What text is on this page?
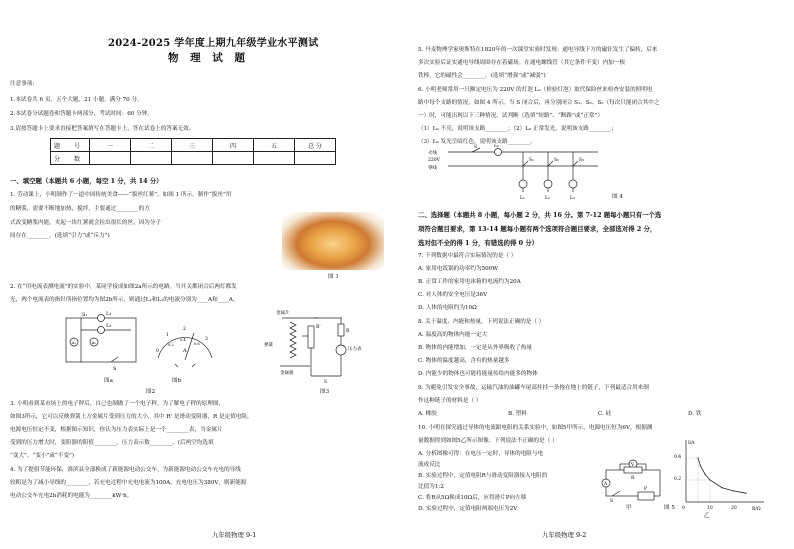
2024-2025 学年度上期九年级学业水平测试
物 理 试 题
注意事项:
1.本试卷共 6 页，五个大题，21 小题，满分 70 分。
2.本试卷分试题卷和答题卡两部分，考试时间：60 分钟。
3.请按答题卡上要求直接把答案填写在答题卡上，答在试卷上的答案无效。
题 号	一	二	三	四	五	总 分
分 数						
一、填空题（本题共 6 小题，每空 1 分，共 14 分）
1. 劳动课上，小明制作了一道中国传统美食——“拔丝红薯”，如图 1 所示，制作“拔丝”用
的糖浆，需要不断地加热，搅拌，主要通过________的方
式改变糖浆内能，夹起一块红薯就会拉出很长的丝，因为分子
间存在________。(选填“引力”或“斥力”)
图 1
2. 在“用电流表测电流”的实验中，某同学接成如图2a所示的电路。当开关都闭合后两灯都发
光，两个电流表的指针所指位置均为图2b所示，则通过L₁和L₂的电流分别为____A和____A。
S₁	L₁
L₂
A₁	A₂
S
图a
0
1
2
3
0.2
0.4
0.6
A
图b
图2
金属片
R'
R
弹簧
压力表
金属板
S
图3
3. 小明看到某市场上的电子秤后，自己也制做了一个电子秤，为了解电子秤的原理图，
如图3所示，它可以反映弹簧上方金属片受到压力的大小，其中 R' 是滑动变阻器，R 是定值电阻，
电源电压恒定不变，根据图示知识，你认为压力表实际上是一个________表，当金属片
受到的压力增大时，变阻器的阻值________，压力表示数________。(后两空均选填
“变大”、“变小”或“不变”)
4. 为了提倡节能环保，淮滨县全部换成了新能源电动公交车。为新能源电动公交车充电的导线
较粗是为了减小导线的________，若充电过程中充电电流为100A，充电电压为380V，则新能源
电动公交车充电2h消耗的电能为________kW·h。
九年级物理 9-1
5. 丹麦物理学家奥斯特在1820年的一次课堂实验时发现：通电导线下方的磁针发生了偏转，后来
多次实验后证实通电导线周围存在着磁场。在通电螺线管（其它条件不变）内加一根
铁棒，它的磁性会________。(选填“增强”或“减弱”)
6. 小明老师常用一只额定电压为 220V 的灯泡 L₀（检验灯泡）取代保险丝来检查安装的照明电
路中每个支路的情况，如图 4 所示。当 S 闭合后，再分别闭合 S₁、S₂、S₃（每次只能闭合其中之
一）时，可能出现以下三种情况，试判断（选填“短路”、“断路”或“正常”）
（1）L₀ 不亮，说明该支路________；（2）L₀ 正常发光，说明该支路________；
（3）L₀ 发光呈暗红色，说明该支路________。
火线
220V
零线
S	L₀
S₁	S₂	S₃
L₁	L₂	L₃	图 4
二、选择题（本题共 8 小题，每小题 2 分，共 16 分。第 7-12 题每小题只有一个选
项符合题目要求，第 13-14 题每小题有两个选项符合题目要求，全部选对得 2 分，
选对但不全的得 1 分，有错选的得 0 分）
7. 下列数据中最符合实际情况的是（ ）
A. 家用电饭锅的功率约为500W
B. 正常工作的家用电冰箱的电流约为20A
C. 对人体的安全电压是36V
D. 人体的电阻约为10Ω
8. 关于温度、内能和热量，下列说法正确的是（ ）
A. 温度高的物体内能一定大
B. 物体的内能增加，一定是从外界吸收了热量
C. 物体的温度越高，含有的热量越多
D. 内能少的物体也可能将能量传给内能多的物体
9. 为避免引发安全事故，运输汽油的油罐车尾部挂挂一条拖在地上的链子，下列最适合用来制
作这种链子的材料是（ ）
A. 橡胶	B. 塑料	C. 硅	D. 铁
10. 小明在探究通过导体的电流跟电阻的关系实验中，如图5甲所示，电源电压恒为6V，根据测
量数据得到如图5乙所示图像。下列说法不正确的是（ ）
A. 分析图像可得：在电压一定时，导体的电阻与电
流成反比
B. 实验过程中，定值电阻R与滑动变阻器接入电阻的
比值为1:2
C. 将R从5Ω换成10Ω后，应将滑片P向左移
D. 实验过程中，定值电阻两端电压为2V
V
A
R
P
S
甲
I/A
R/Ω
0.4
0.2
0	10	20
乙
图 5
九年级物理 9-2
